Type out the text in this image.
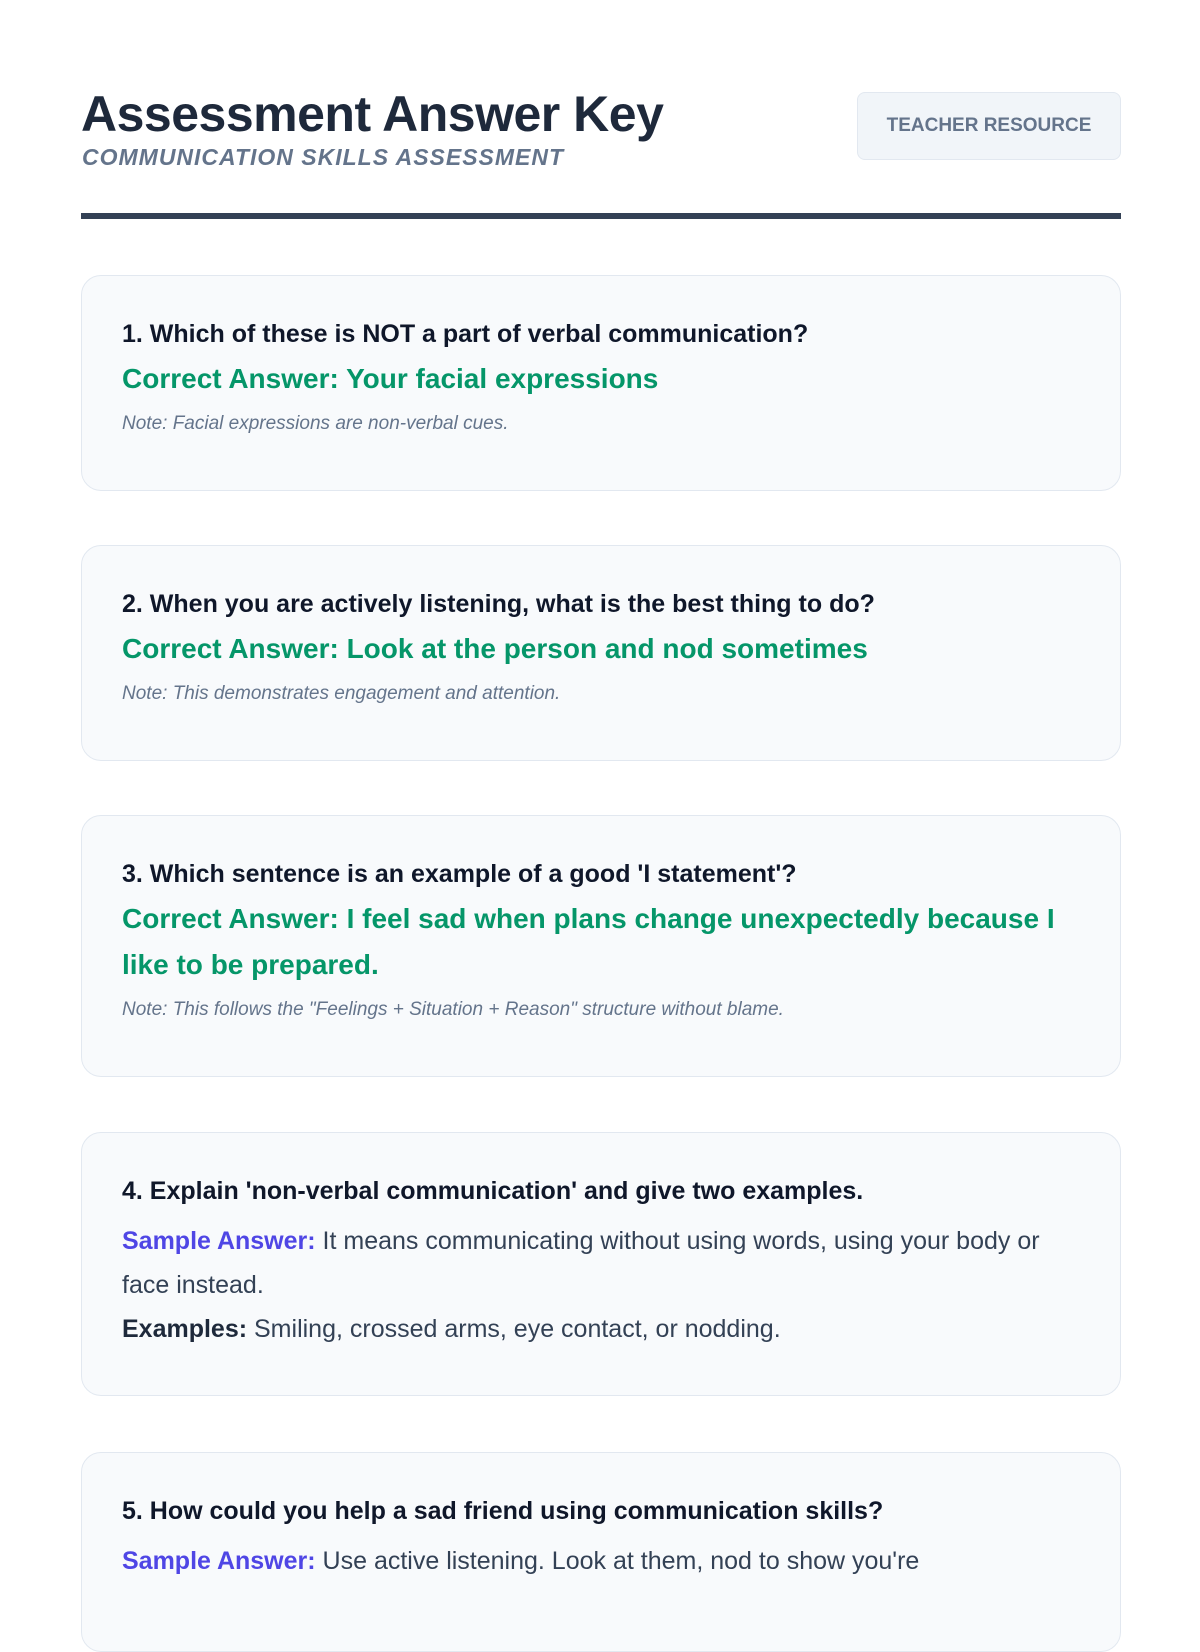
Assessment Answer Key
COMMUNICATION SKILLS ASSESSMENT
TEACHER RESOURCE

1. Which of these is NOT a part of verbal communication?

Correct Answer: Your facial expressions

Note: Facial expressions are non-verbal cues.

2. When you are actively listening, what is the best thing to do?

Correct Answer: Look at the person and nod sometimes

Note: This demonstrates engagement and attention.

3. Which sentence is an example of a good 'I statement'?

Correct Answer: I feel sad when plans change unexpectedly because I like to be prepared.

Note: This follows the "Feelings + Situation + Reason" structure without blame.

4. Explain 'non-verbal communication' and give two examples.

Sample Answer: It means communicating without using words, using your body or face instead.

Examples: Smiling, crossed arms, eye contact, or nodding.

5. How could you help a sad friend using communication skills?

Sample Answer: Use active listening. Look at them, nod to show you're
